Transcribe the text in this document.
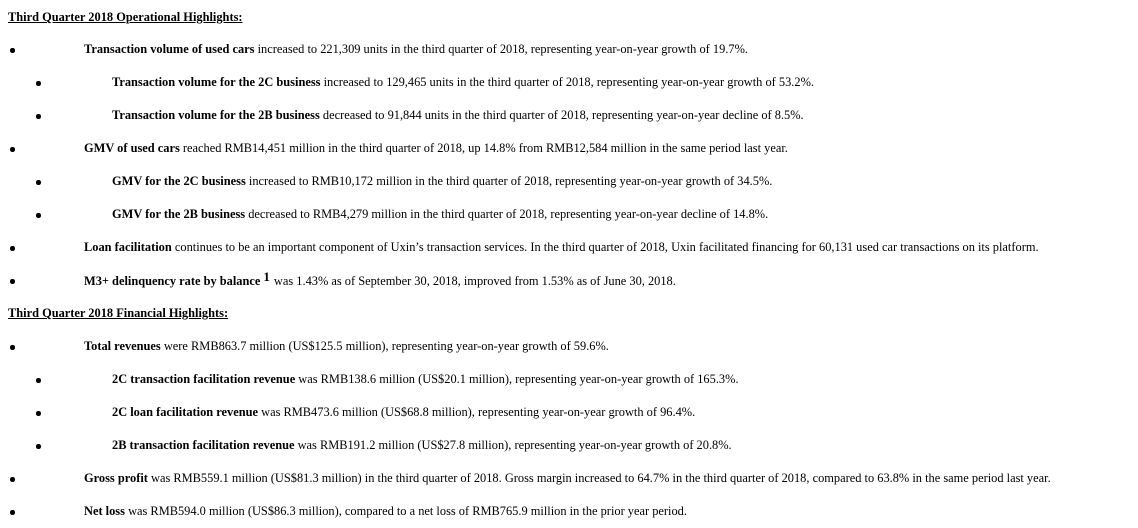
Third Quarter 2018 Operational Highlights:
Transaction volume of used cars increased to 221,309 units in the third quarter of 2018, representing year-on-year growth of 19.7%.
Transaction volume for the 2C business increased to 129,465 units in the third quarter of 2018, representing year-on-year growth of 53.2%.
Transaction volume for the 2B business decreased to 91,844 units in the third quarter of 2018, representing year-on-year decline of 8.5%.
GMV of used cars reached RMB14,451 million in the third quarter of 2018, up 14.8% from RMB12,584 million in the same period last year.
GMV for the 2C business increased to RMB10,172 million in the third quarter of 2018, representing year-on-year growth of 34.5%.
GMV for the 2B business decreased to RMB4,279 million in the third quarter of 2018, representing year-on-year decline of 14.8%.
Loan facilitation continues to be an important component of Uxin’s transaction services. In the third quarter of 2018, Uxin facilitated financing for 60,131 used car transactions on its platform.
M3+ delinquency rate by balance $^1$ was 1.43% as of September 30, 2018, improved from 1.53% as of June 30, 2018.
Third Quarter 2018 Financial Highlights:
Total revenues were RMB863.7 million (US$125.5 million), representing year-on-year growth of 59.6%.
2C transaction facilitation revenue was RMB138.6 million (US$20.1 million), representing year-on-year growth of 165.3%.
2C loan facilitation revenue was RMB473.6 million (US$68.8 million), representing year-on-year growth of 96.4%.
2B transaction facilitation revenue was RMB191.2 million (US$27.8 million), representing year-on-year growth of 20.8%.
Gross profit was RMB559.1 million (US$81.3 million) in the third quarter of 2018. Gross margin increased to 64.7% in the third quarter of 2018, compared to 63.8% in the same period last year.
Net loss was RMB594.0 million (US$86.3 million), compared to a net loss of RMB765.9 million in the prior year period.
